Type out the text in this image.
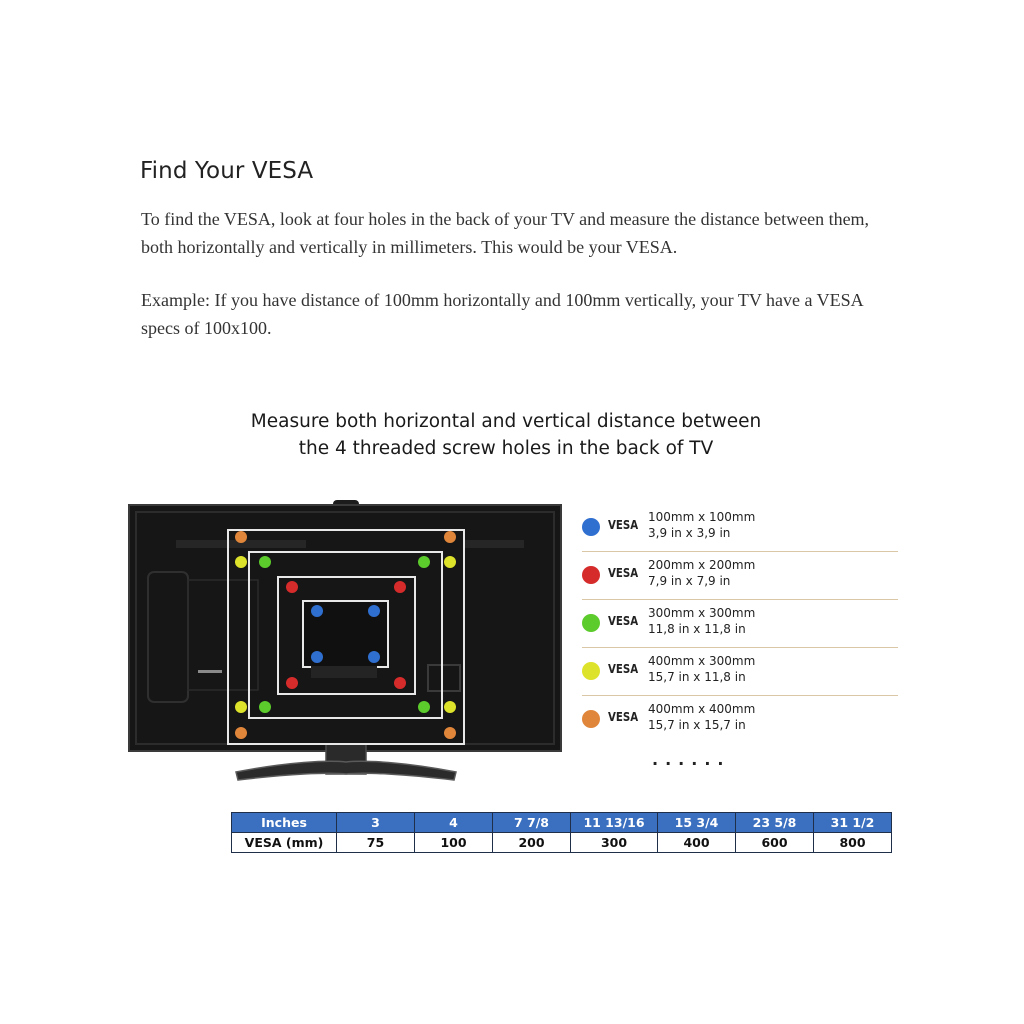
Find Your VESA

To find the VESA, look at four holes in the back of your TV and measure the distance between them, both horizontally and vertically in millimeters. This would be your VESA.

Example: If you have distance of 100mm horizontally and 100mm vertically, your TV have a VESA specs of 100x100.

Measure both horizontal and vertical distance between
the 4 threaded screw holes in the back of TV
VESA
100mm x 100mm
3,9 in x 3,9 in
VESA
200mm x 200mm
7,9 in x 7,9 in
VESA
300mm x 300mm
11,8 in x 11,8 in
VESA
400mm x 300mm
15,7 in x 11,8 in
VESA
400mm x 400mm
15,7 in x 15,7 in
......
Inches	3	4	7 7/8	11 13/16	15 3/4	23 5/8	31 1/2
VESA (mm)	75	100	200	300	400	600	800
